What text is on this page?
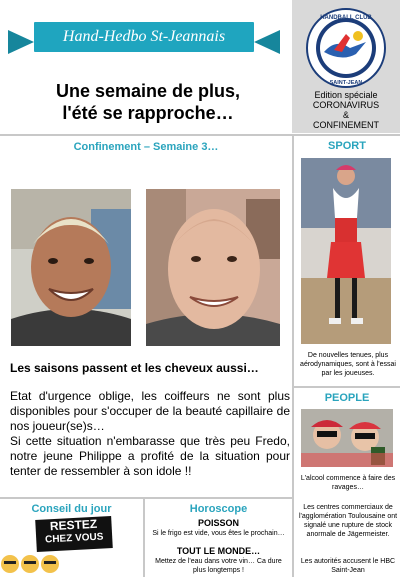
Hand-Hedbo St-Jeannais
Une semaine de plus,
l'été se rapproche…
HANDBALL CLUB
SAINT-JEAN
Edition spéciale
CORONAVIRUS
&
CONFINEMENT
Confinement – Semaine 3…
Les saisons passent et les cheveux aussi…
Etat d'urgence oblige, les coiffeurs ne sont plus disponibles pour s'occuper de la beauté capillaire de nos joueur(se)s…
Si cette situation n'embarasse que très peu Fredo, notre jeune Philippe a profité de la situation pour tenter de ressembler à son idole !!
SPORT
De nouvelles tenues, plus aérodynamiques, sont à l'essai par les joueuses.
PEOPLE
L'alcool commence à faire des ravages…
Les centres commerciaux de l'agglomération Toulousaine ont signalé une rupture de stock anormale de Jägermeister.
Les autorités accusent le HBC Saint-Jean
Conseil du jour
RESTEZ
CHEZ VOUS
Horoscope
POISSON
Si le frigo est vide, vous êtes le prochain…
TOUT LE MONDE…
Mettez de l'eau dans votre vin… Ca dure plus longtemps !
